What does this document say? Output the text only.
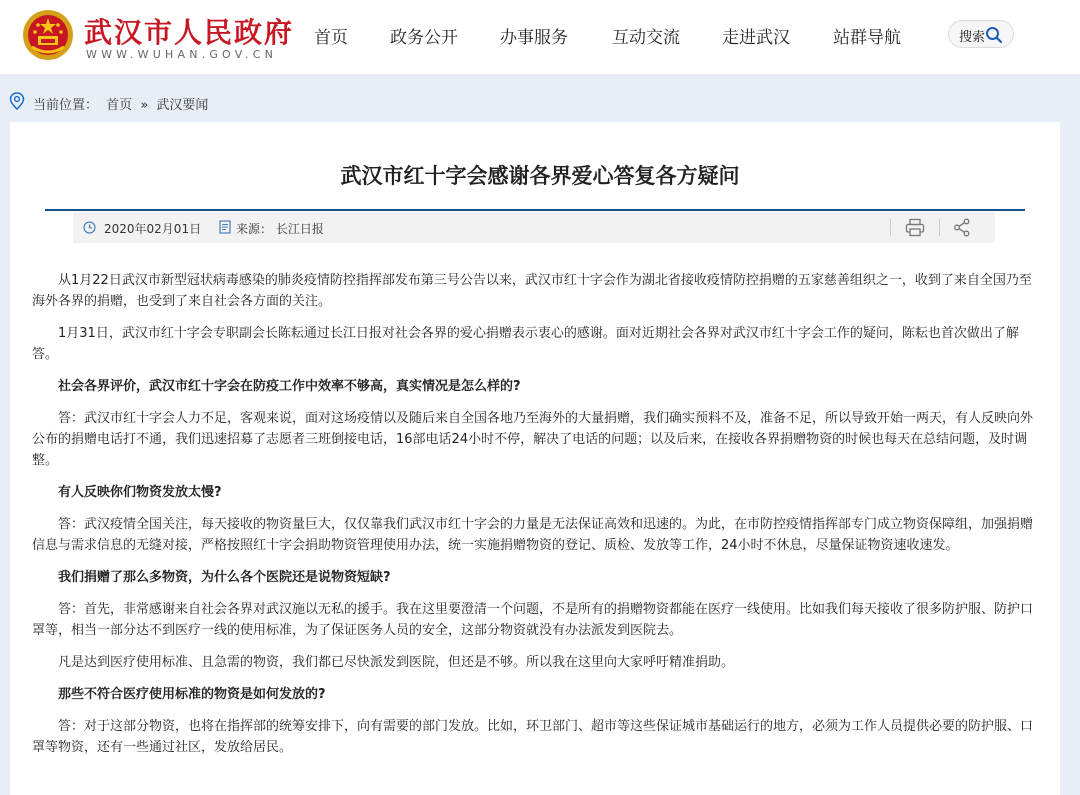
武汉市人民政府
WWW.WUHAN.GOV.CN
首页 政务公开 办事服务	互动交流 走进武汉	站群导航	搜索
当前位置： 首页 » 武汉要闻
武汉市红十字会感谢各界爱心答复各方疑问
2020年02月01日	来源： 长江日报

从1月22日武汉市新型冠状病毒感染的肺炎疫情防控指挥部发布第三号公告以来，武汉市红十字会作为湖北省接收疫情防控捐赠的五家慈善组织之一，收到了来自全国乃至海外各界的捐赠，也受到了来自社会各方面的关注。

1月31日，武汉市红十字会专职副会长陈耘通过长江日报对社会各界的爱心捐赠表示衷心的感谢。面对近期社会各界对武汉市红十字会工作的疑问，陈耘也首次做出了解答。

社会各界评价，武汉市红十字会在防疫工作中效率不够高，真实情况是怎么样的?

答：武汉市红十字会人力不足，客观来说，面对这场疫情以及随后来自全国各地乃至海外的大量捐赠，我们确实预料不及，准备不足，所以导致开始一两天，有人反映向外公布的捐赠电话打不通，我们迅速招募了志愿者三班倒接电话，16部电话24小时不停，解决了电话的问题；以及后来，在接收各界捐赠物资的时候也每天在总结问题，及时调整。

有人反映你们物资发放太慢?

答：武汉疫情全国关注，每天接收的物资量巨大，仅仅靠我们武汉市红十字会的力量是无法保证高效和迅速的。为此，在市防控疫情指挥部专门成立物资保障组，加强捐赠信息与需求信息的无缝对接，严格按照红十字会捐助物资管理使用办法，统一实施捐赠物资的登记、质检、发放等工作，24小时不休息，尽量保证物资速收速发。

我们捐赠了那么多物资，为什么各个医院还是说物资短缺?

答：首先，非常感谢来自社会各界对武汉施以无私的援手。我在这里要澄清一个问题，不是所有的捐赠物资都能在医疗一线使用。比如我们每天接收了很多防护服、防护口罩等，相当一部分达不到医疗一线的使用标准，为了保证医务人员的安全，这部分物资就没有办法派发到医院去。

凡是达到医疗使用标准、且急需的物资，我们都已尽快派发到医院，但还是不够。所以我在这里向大家呼吁精准捐助。

那些不符合医疗使用标准的物资是如何发放的?

答：对于这部分物资，也将在指挥部的统筹安排下，向有需要的部门发放。比如，环卫部门、超市等这些保证城市基础运行的地方，必须为工作人员提供必要的防护服、口罩等物资，还有一些通过社区，发放给居民。
